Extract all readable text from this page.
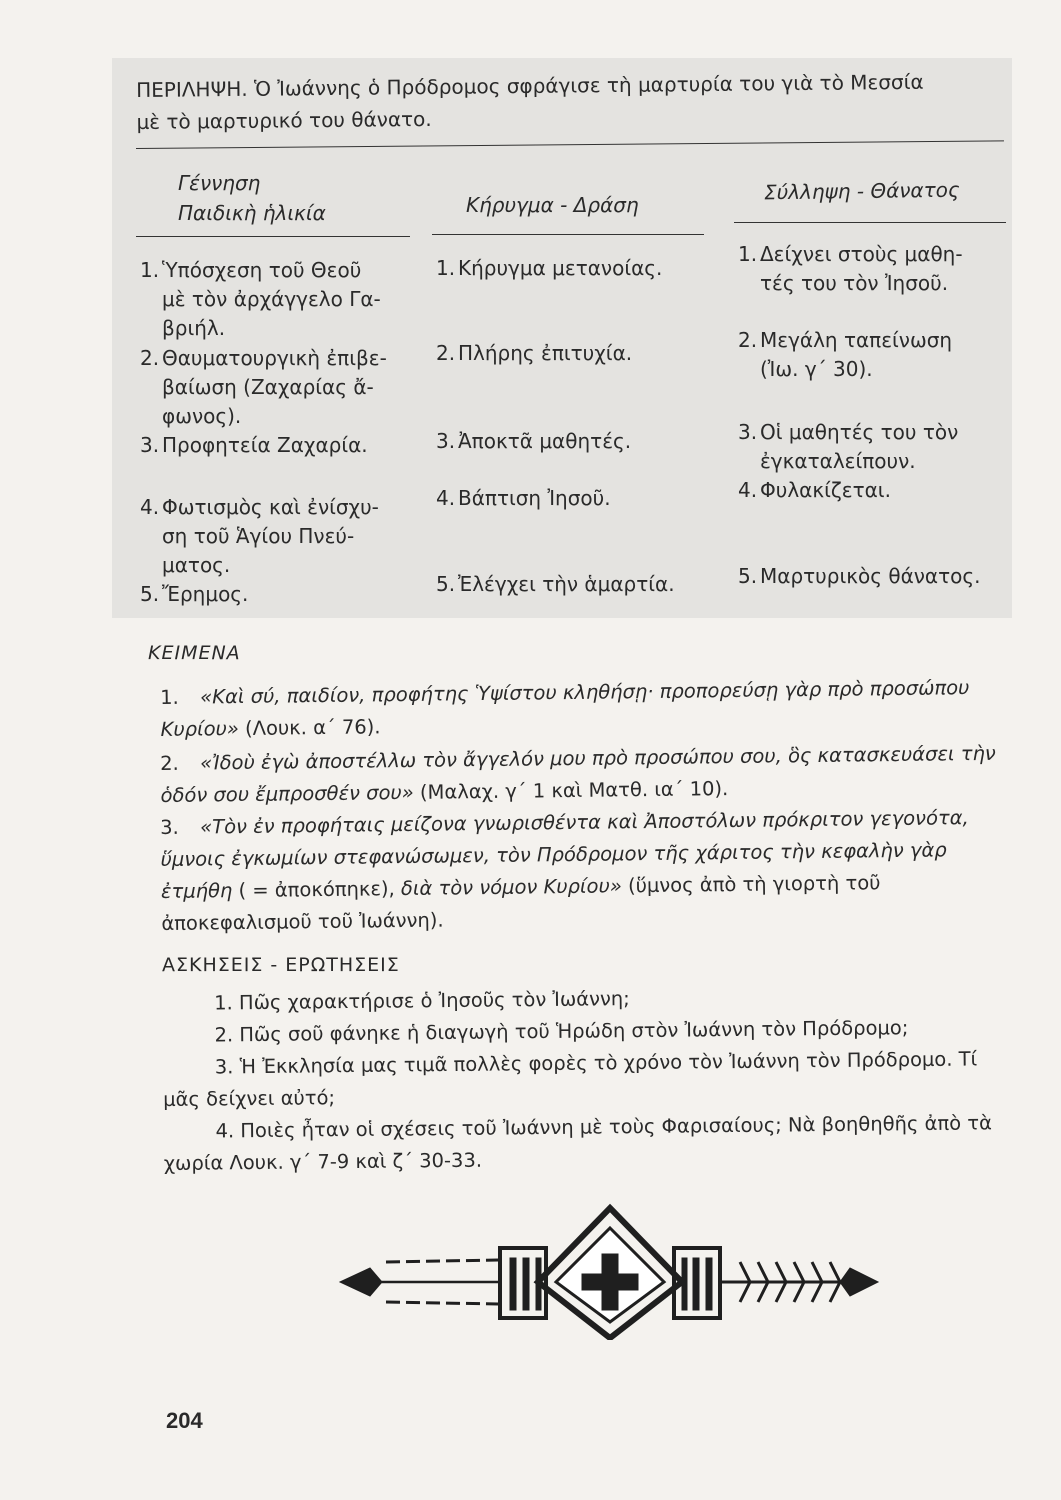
ΠΕΡΙΛΗΨΗ. Ὁ Ἰωάννης ὁ Πρόδρομος σφράγισε τὴ μαρτυρία του γιὰ τὸ Μεσσία
μὲ τὸ μαρτυρικό του θάνατο.
Γέννηση
Παιδικὴ ἡλικία	Κήρυγμα - Δράση
Σύλληψη - Θάνατος
1. Ὑπόσχεση τοῦ Θεοῦ
μὲ τὸν ἀρχάγγελο Γα-
βριήλ.
2. Θαυματουργικὴ ἐπιβε-
βαίωση (Ζαχαρίας ἄ-
φωνος).
3. Προφητεία Ζαχαρία.
4. Φωτισμὸς καὶ ἐνίσχυ-
ση τοῦ Ἁγίου Πνεύ-
ματος.
5. Ἔρημος.
1. Κήρυγμα μετανοίας.
2. Πλήρης ἐπιτυχία.
3. Ἀποκτᾶ μαθητές.
4. Βάπτιση Ἰησοῦ.
5. Ἐλέγχει τὴν ἁμαρτία.
1. Δείχνει στοὺς μαθη-
τές του τὸν Ἰησοῦ.
2. Μεγάλη ταπείνωση
(Ἰω. γ΄ 30).
3. Οἱ μαθητές του τὸν
ἐγκαταλείπουν.
4. Φυλακίζεται.
5. Μαρτυρικὸς θάνατος.
ΚΕΙΜΕΝΑ
1. «Καὶ σύ, παιδίον, προφήτης Ὑψίστου κληθήσῃ· προπορεύσῃ γὰρ πρὸ προσώπου Κυρίου» (Λουκ. α΄ 76).
2. «Ἰδοὺ ἐγὼ ἀποστέλλω τὸν ἄγγελόν μου πρὸ προσώπου σου, ὃς κατασκευάσει τὴν ὁδόν σου ἔμπροσθέν σου» (Μαλαχ. γ΄ 1 καὶ Ματθ. ια΄ 10).
3. «Τὸν ἐν προφήταις μείζονα γνωρισθέντα καὶ Ἀποστόλων πρόκριτον γεγονότα, ὕμνοις ἐγκωμίων στεφανώσωμεν, τὸν Πρόδρομον τῆς χάριτος τὴν κεφαλὴν γὰρ ἐτμήθη ( = ἀποκόπηκε), διὰ τὸν νόμον Κυρίου» (ὕμνος ἀπὸ τὴ γιορτὴ τοῦ ἀποκεφαλισμοῦ τοῦ Ἰωάννη).
ΑΣΚΗΣΕΙΣ - ΕΡΩΤΗΣΕΙΣ
1. Πῶς χαρακτήρισε ὁ Ἰησοῦς τὸν Ἰωάννη;
2. Πῶς σοῦ φάνηκε ἡ διαγωγὴ τοῦ Ἡρώδη στὸν Ἰωάννη τὸν Πρόδρομο;
3. Ἡ Ἐκκλησία μας τιμᾶ πολλὲς φορὲς τὸ χρόνο τὸν Ἰωάννη τὸν Πρόδρομο. Τί μᾶς δείχνει αὐτό;
4. Ποιὲς ἦταν οἱ σχέσεις τοῦ Ἰωάννη μὲ τοὺς Φαρισαίους; Νὰ βοηθηθῆς ἀπὸ τὰ χωρία Λουκ. γ΄ 7-9 καὶ ζ΄ 30-33.
204
